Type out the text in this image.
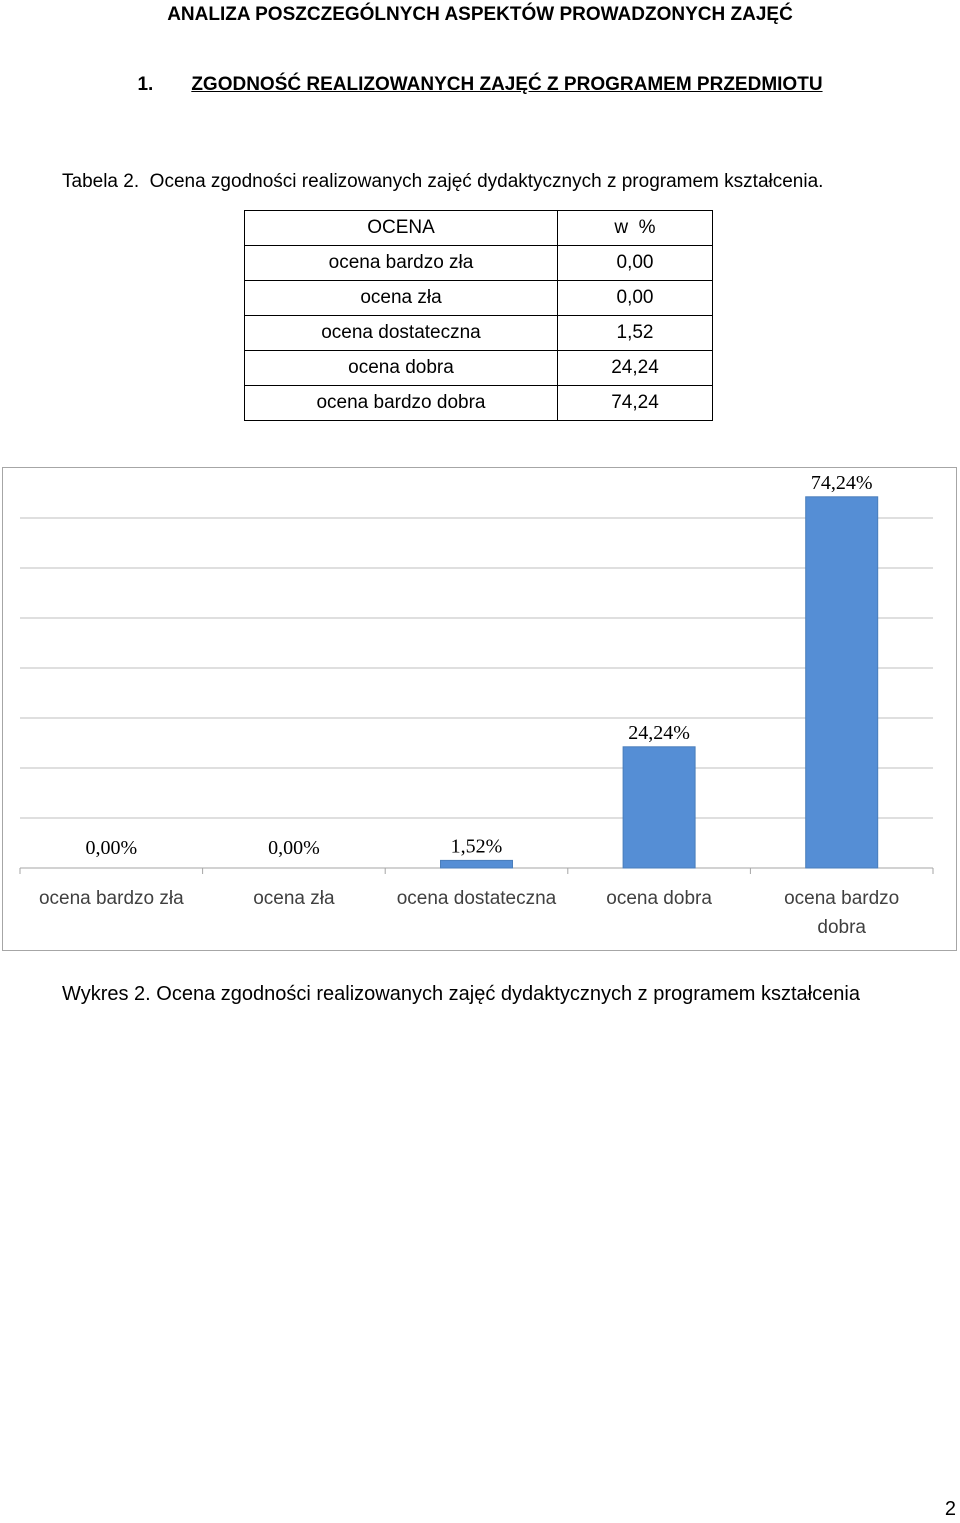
ANALIZA POSZCZEGÓLNYCH ASPEKTÓW PROWADZONYCH ZAJĘĆ
1. ZGODNOŚĆ REALIZOWANYCH ZAJĘĆ Z PROGRAMEM PRZEDMIOTU
Tabela 2.  Ocena zgodności realizowanych zajęć dydaktycznych z programem kształcenia.
OCENA	w  %
ocena bardzo zła	0,00
ocena zła	0,00
ocena dostateczna	1,52
ocena dobra	24,24
ocena bardzo dobra	74,24
0,00%
ocena bardzo zła
0,00%
ocena zła
1,52%
ocena dostateczna
24,24%
ocena dobra
74,24%
ocena bardzo
dobra
Wykres 2. Ocena zgodności realizowanych zajęć dydaktycznych z programem kształcenia
2
